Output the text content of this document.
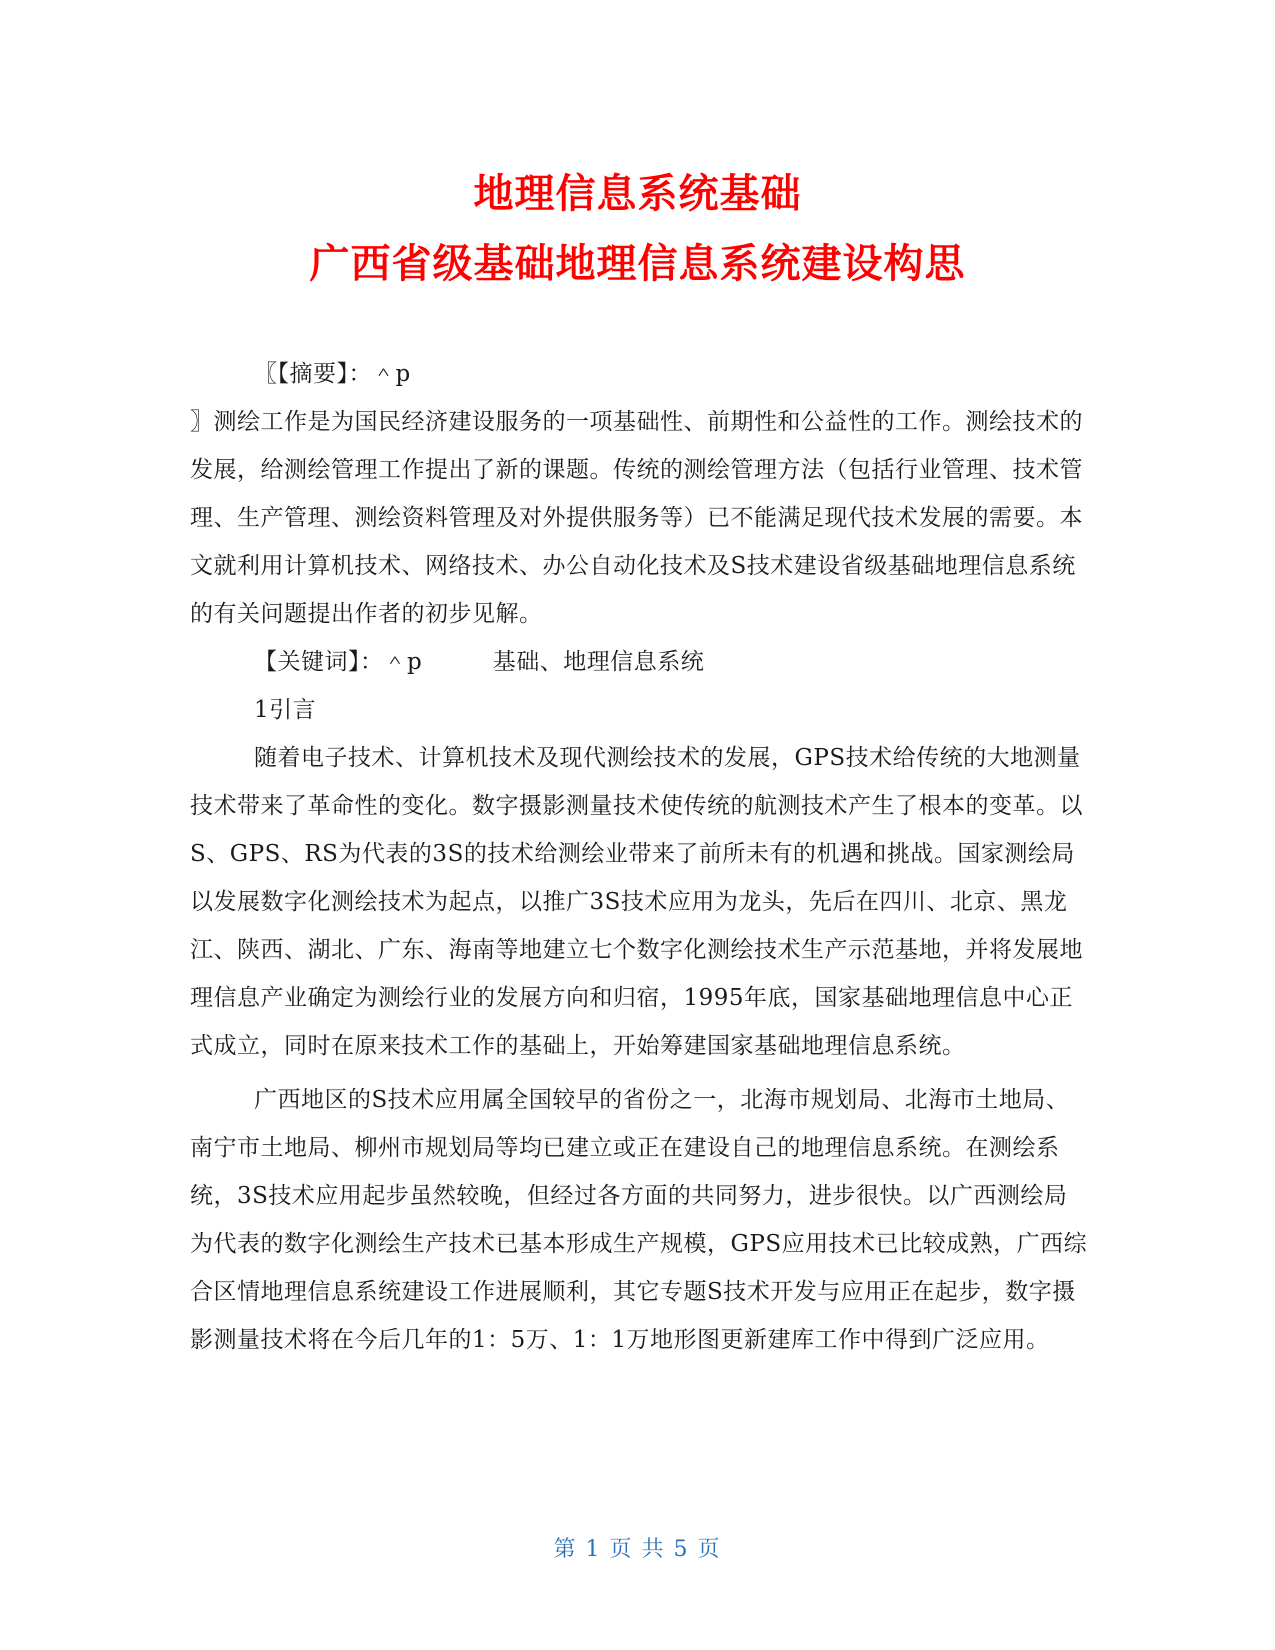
地理信息系统基础
广西省级基础地理信息系统建设构思

〖【摘要】：＾p

〗测绘工作是为国民经济建设服务的一项基础性、前期性和公益性的工作。测绘技术的发展，给测绘管理工作提出了新的课题。传统的测绘管理方法（包括行业管理、技术管理、生产管理、测绘资料管理及对外提供服务等）已不能满足现代技术发展的需要。本文就利用计算机技术、网络技术、办公自动化技术及S技术建设省级基础地理信息系统的有关问题提出作者的初步见解。

【关键词】：＾p　　　基础、地理信息系统

1引言

随着电子技术、计算机技术及现代测绘技术的发展，GPS技术给传统的大地测量技术带来了革命性的变化。数字摄影测量技术使传统的航测技术产生了根本的变革。以S、GPS、RS为代表的3S的技术给测绘业带来了前所未有的机遇和挑战。国家测绘局以发展数字化测绘技术为起点，以推广3S技术应用为龙头，先后在四川、北京、黑龙江、陕西、湖北、广东、海南等地建立七个数字化测绘技术生产示范基地，并将发展地理信息产业确定为测绘行业的发展方向和归宿，1995年底，国家基础地理信息中心正式成立，同时在原来技术工作的基础上，开始筹建国家基础地理信息系统。

广西地区的S技术应用属全国较早的省份之一，北海市规划局、北海市土地局、南宁市土地局、柳州市规划局等均已建立或正在建设自己的地理信息系统。在测绘系统，3S技术应用起步虽然较晚，但经过各方面的共同努力，进步很快。以广西测绘局为代表的数字化测绘生产技术已基本形成生产规模，GPS应用技术已比较成熟，广西综合区情地理信息系统建设工作进展顺利，其它专题S技术开发与应用正在起步，数字摄影测量技术将在今后几年的1：5万、1：1万地形图更新建库工作中得到广泛应用。

第 1 页 共 5 页
